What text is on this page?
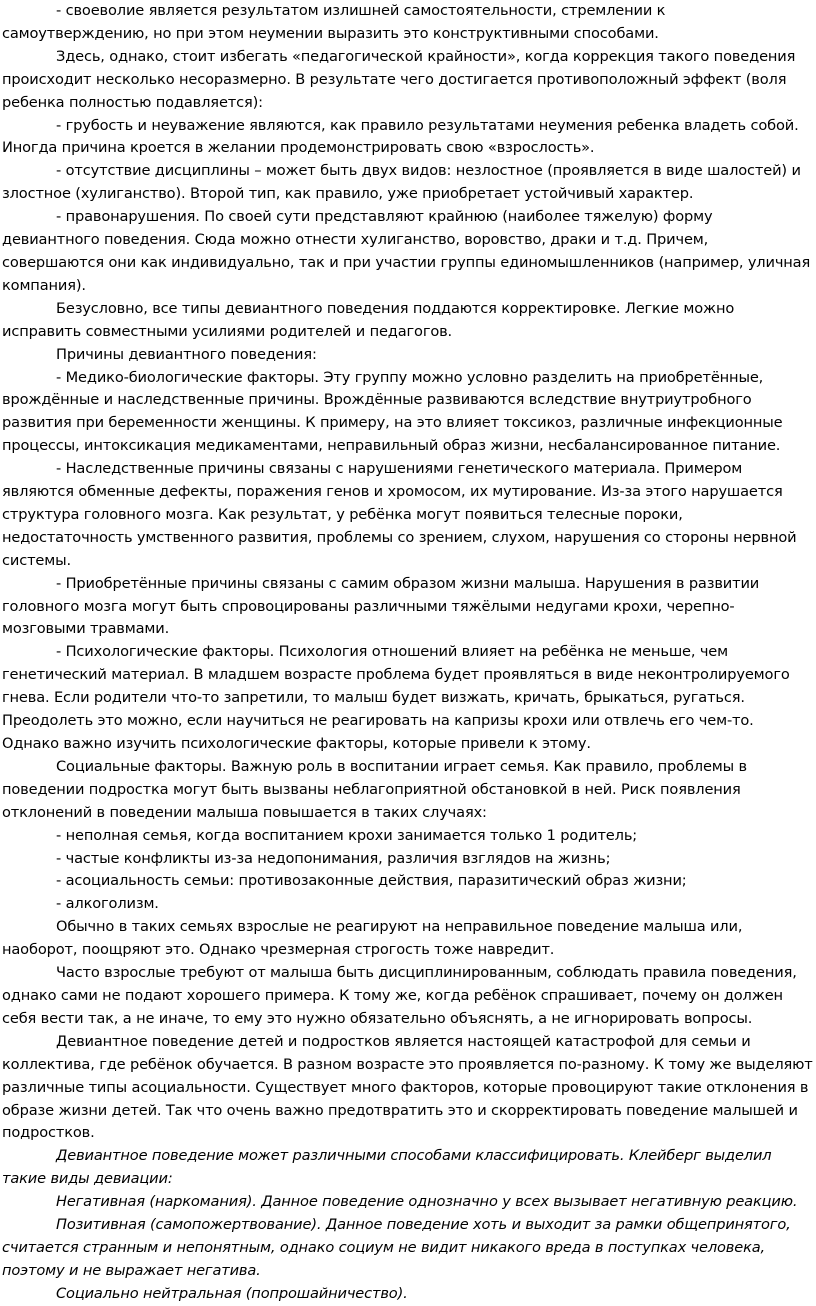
- своеволие является результатом излишней самостоятельности, стремлении к самоутверждению, но при этом неумении выразить это конструктивными способами.

Здесь, однако, стоит избегать «педагогической крайности», когда коррекция такого поведения происходит несколько несоразмерно. В результате чего достигается противоположный эффект (воля ребенка полностью подавляется):

- грубость и неуважение являются, как правило результатами неумения ребенка владеть собой. Иногда причина кроется в желании продемонстрировать свою «взрослость».

- отсутствие дисциплины – может быть двух видов: незлостное (проявляется в виде шалостей) и злостное (хулиганство). Второй тип, как правило, уже приобретает устойчивый характер.

- правонарушения. По своей сути представляют крайнюю (наиболее тяжелую) форму девиантного поведения. Сюда можно отнести хулиганство, воровство, драки и т.д. Причем, совершаются они как индивидуально, так и при участии группы единомышленников (например, уличная компания).

Безусловно, все типы девиантного поведения поддаются корректировке. Легкие можно исправить совместными усилиями родителей и педагогов.

Причины девиантного поведения:

- Медико-биологические факторы. Эту группу можно условно разделить на приобретённые, врождённые и наследственные причины. Врождённые развиваются вследствие внутриутробного развития при беременности женщины. К примеру, на это влияет токсикоз, различные инфекционные процессы, интоксикация медикаментами, неправильный образ жизни, несбалансированное питание.

- Наследственные причины связаны с нарушениями генетического материала. Примером являются обменные дефекты, поражения генов и хромосом, их мутирование. Из-за этого нарушается структура головного мозга. Как результат, у ребёнка могут появиться телесные пороки, недостаточность умственного развития, проблемы со зрением, слухом, нарушения со стороны нервной системы.

- Приобретённые причины связаны с самим образом жизни малыша. Нарушения в развитии головного мозга могут быть спровоцированы различными тяжёлыми недугами крохи, черепно-мозговыми травмами.

- Психологические факторы. Психология отношений влияет на ребёнка не меньше, чем генетический материал. В младшем возрасте проблема будет проявляться в виде неконтролируемого гнева. Если родители что-то запретили, то малыш будет визжать, кричать, брыкаться, ругаться. Преодолеть это можно, если научиться не реагировать на капризы крохи или отвлечь его чем-то. Однако важно изучить психологические факторы, которые привели к этому.

Социальные факторы. Важную роль в воспитании играет семья. Как правило, проблемы в поведении подростка могут быть вызваны неблагоприятной обстановкой в ней. Риск появления отклонений в поведении малыша повышается в таких случаях:

- неполная семья, когда воспитанием крохи занимается только 1 родитель;

- частые конфликты из-за недопонимания, различия взглядов на жизнь;

- асоциальность семьи: противозаконные действия, паразитический образ жизни;

- алкоголизм.

Обычно в таких семьях взрослые не реагируют на неправильное поведение малыша или, наоборот, поощряют это. Однако чрезмерная строгость тоже навредит.

Часто взрослые требуют от малыша быть дисциплинированным, соблюдать правила поведения, однако сами не подают хорошего примера. К тому же, когда ребёнок спрашивает, почему он должен себя вести так, а не иначе, то ему это нужно обязательно объяснять, а не игнорировать вопросы.

Девиантное поведение детей и подростков является настоящей катастрофой для семьи и коллектива, где ребёнок обучается. В разном возрасте это проявляется по-разному. К тому же выделяют различные типы асоциальности. Существует много факторов, которые провоцируют такие отклонения в образе жизни детей. Так что очень важно предотвратить это и скорректировать поведение малышей и подростков.

Девиантное поведение может различными способами классифицировать. Клейберг выделил такие виды девиации:

Негативная (наркомания). Данное поведение однозначно у всех вызывает негативную реакцию.

Позитивная (самопожертвование). Данное поведение хоть и выходит за рамки общепринятого, считается странным и непонятным, однако социум не видит никакого вреда в поступках человека, поэтому и не выражает негатива.

Социально нейтральная (попрошайничество).
